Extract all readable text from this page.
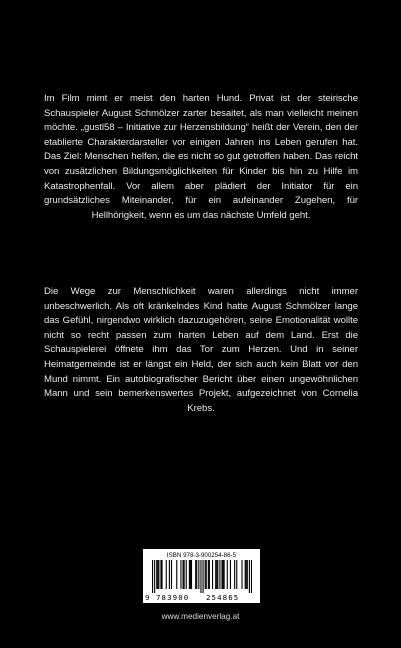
Im Film mimt er meist den harten Hund. Privat ist der steirische Schauspieler August Schmölzer zarter besaitet, als man vielleicht meinen möchte. „gustl58 – Initiative zur Herzensbildung“ heißt der Verein, den der etablierte Charakterdarsteller vor einigen Jahren ins Leben gerufen hat. Das Ziel: Menschen helfen, die es nicht so gut getroffen haben. Das reicht von zusätzlichen Bildungsmöglichkeiten für Kinder bis hin zu Hilfe im Katastrophenfall. Vor allem aber plädiert der Initiator für ein grundsätzliches Miteinander, für ein aufeinander Zugehen, für Hellhörigkeit, wenn es um das nächste Umfeld geht.

Die Wege zur Menschlichkeit waren allerdings nicht immer unbeschwerlich. Als oft kränkelndes Kind hatte August Schmölzer lange das Gefühl, nirgendwo wirklich dazuzugehören, seine Emotionalität wollte nicht so recht passen zum harten Leben auf dem Land. Erst die Schauspielerei öffnete ihm das Tor zum Herzen. Und in seiner Heimatgemeinde ist er längst ein Held, der sich auch kein Blatt vor den Mund nimmt. Ein autobiografischer Bericht über einen ungewöhnlichen Mann und sein bemerkenswertes Projekt, aufgezeichnet von Cornelia Krebs.

ISBN 978-3-900254-86-5
9 783900 254865
www.medienverlag.at
